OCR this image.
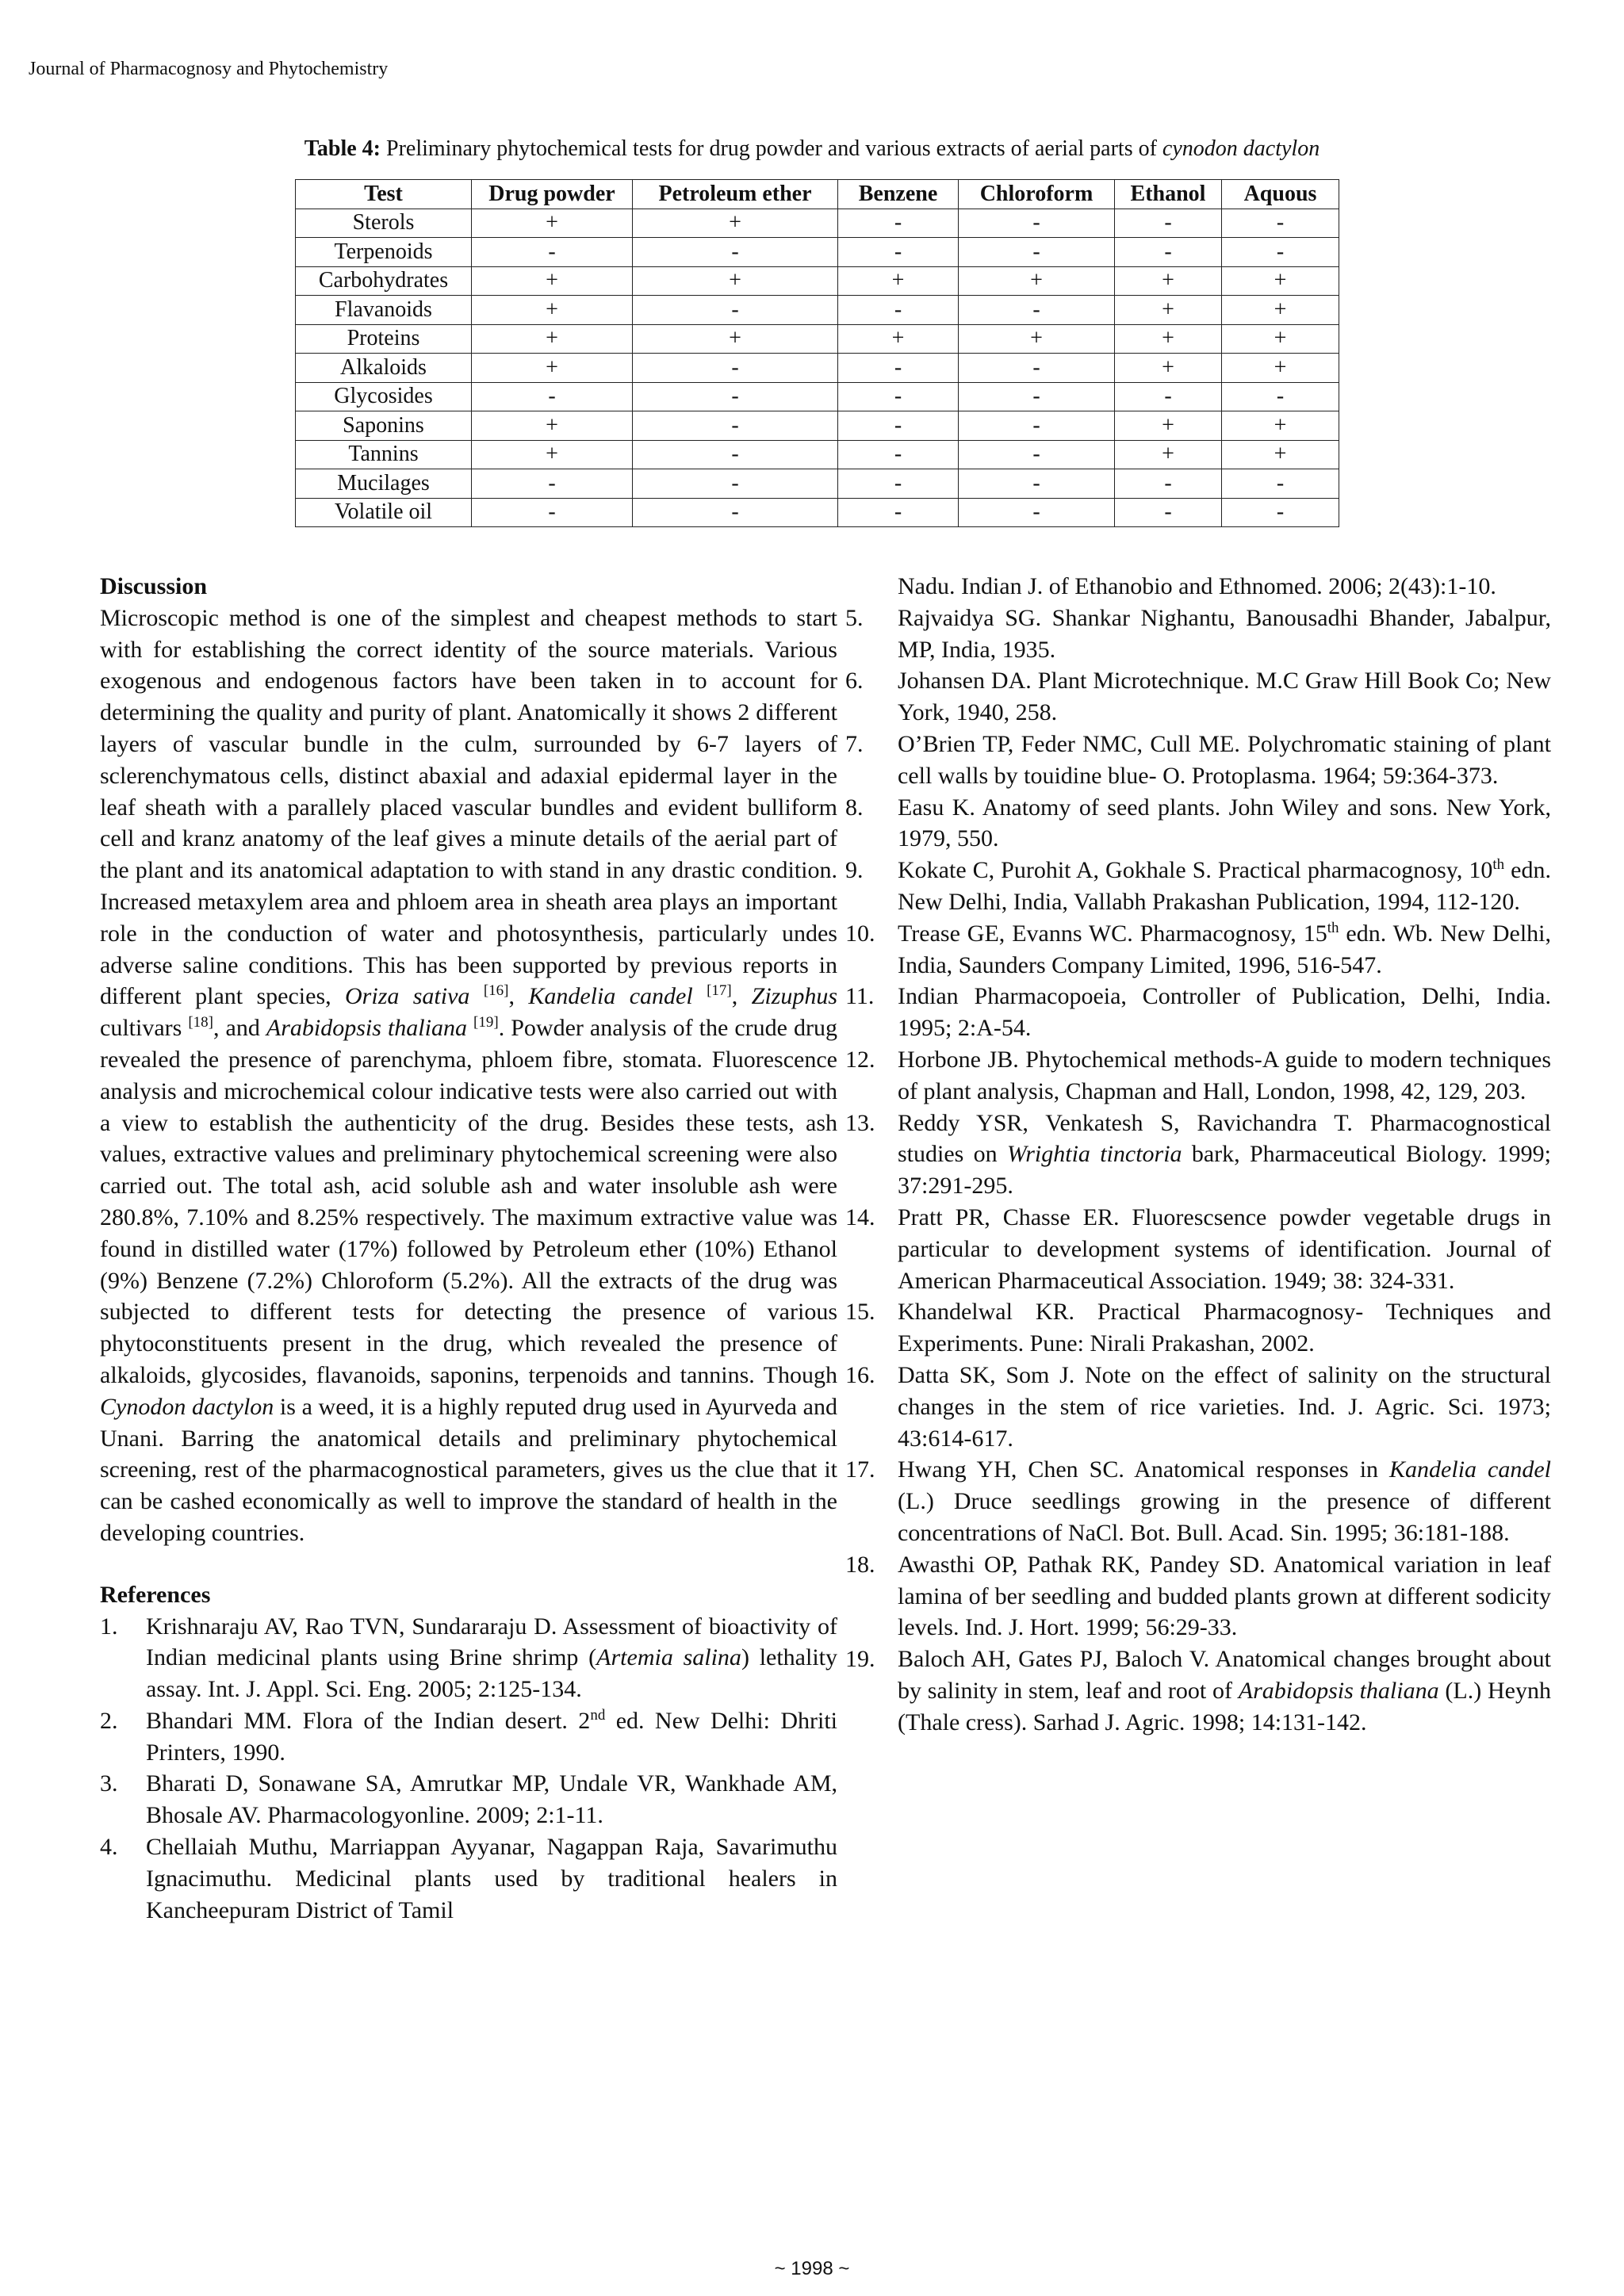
Journal of Pharmacognosy and Phytochemistry
Table 4: Preliminary phytochemical tests for drug powder and various extracts of aerial parts of cynodon dactylon
Test	Drug powder	Petroleum ether	Benzene	Chloroform	Ethanol	Aquous
Sterols	+	+	-	-	-	-
Terpenoids	-	-	-	-	-	-
Carbohydrates	+	+	+	+	+	+
Flavanoids	+	-	-	-	+	+
Proteins	+	+	+	+	+	+
Alkaloids	+	-	-	-	+	+
Glycosides	-	-	-	-	-	-
Saponins	+	-	-	-	+	+
Tannins	+	-	-	-	+	+
Mucilages	-	-	-	-	-	-
Volatile oil	-	-	-	-	-	-

Discussion

Microscopic method is one of the simplest and cheapest methods to start with for establishing the correct identity of the source materials. Various exogenous and endogenous factors have been taken in to account for determining the quality and purity of plant. Anatomically it shows 2 different layers of vascular bundle in the culm, surrounded by 6-7 layers of sclerenchymatous cells, distinct abaxial and adaxial epidermal layer in the leaf sheath with a parallely placed vascular bundles and evident bulliform cell and kranz anatomy of the leaf gives a minute details of the aerial part of the plant and its anatomical adaptation to with stand in any drastic condition. Increased metaxylem area and phloem area in sheath area plays an important role in the conduction of water and photosynthesis, particularly undes adverse saline conditions. This has been supported by previous reports in different plant species, Oriza sativa [16], Kandelia candel [17], Zizuphus cultivars [18], and Arabidopsis thaliana [19]. Powder analysis of the crude drug revealed the presence of parenchyma, phloem fibre, stomata. Fluorescence analysis and microchemical colour indicative tests were also carried out with a view to establish the authenticity of the drug. Besides these tests, ash values, extractive values and preliminary phytochemical screening were also carried out. The total ash, acid soluble ash and water insoluble ash were 280.8%, 7.10% and 8.25% respectively. The maximum extractive value was found in distilled water (17%) followed by Petroleum ether (10%) Ethanol (9%) Benzene (7.2%) Chloroform (5.2%). All the extracts of the drug was subjected to different tests for detecting the presence of various phytoconstituents present in the drug, which revealed the presence of alkaloids, glycosides, flavanoids, saponins, terpenoids and tannins. Though Cynodon dactylon is a weed, it is a highly reputed drug used in Ayurveda and Unani. Barring the anatomical details and preliminary phytochemical screening, rest of the pharmacognostical parameters, gives us the clue that it can be cashed economically as well to improve the standard of health in the developing countries.

References

1. Krishnaraju AV, Rao TVN, Sundararaju D. Assessment of bioactivity of Indian medicinal plants using Brine shrimp (Artemia salina) lethality assay. Int. J. Appl. Sci. Eng. 2005; 2:125-134.
2. Bhandari MM. Flora of the Indian desert. 2nd ed. New Delhi: Dhriti Printers, 1990.
3. Bharati D, Sonawane SA, Amrutkar MP, Undale VR, Wankhade AM, Bhosale AV. Pharmacologyonline. 2009; 2:1-11.
4. Chellaiah Muthu, Marriappan Ayyanar, Nagappan Raja, Savarimuthu Ignacimuthu. Medicinal plants used by traditional healers in Kancheepuram District of Tamil
Nadu. Indian J. of Ethanobio and Ethnomed. 2006; 2(43):1-10.
5. Rajvaidya SG. Shankar Nighantu, Banousadhi Bhander, Jabalpur, MP, India, 1935.
6. Johansen DA. Plant Microtechnique. M.C Graw Hill Book Co; New York, 1940, 258.
7. O’Brien TP, Feder NMC, Cull ME. Polychromatic staining of plant cell walls by touidine blue- O. Protoplasma. 1964; 59:364-373.
8. Easu K. Anatomy of seed plants. John Wiley and sons. New York, 1979, 550.
9. Kokate C, Purohit A, Gokhale S. Practical pharmacognosy, 10th edn. New Delhi, India, Vallabh Prakashan Publication, 1994, 112-120.
10. Trease GE, Evanns WC. Pharmacognosy, 15th edn. Wb. New Delhi, India, Saunders Company Limited, 1996, 516-547.
11. Indian Pharmacopoeia, Controller of Publication, Delhi, India. 1995; 2:A-54.
12. Horbone JB. Phytochemical methods-A guide to modern techniques of plant analysis, Chapman and Hall, London, 1998, 42, 129, 203.
13. Reddy YSR, Venkatesh S, Ravichandra T. Pharmacognostical studies on Wrightia tinctoria bark, Pharmaceutical Biology. 1999; 37:291-295.
14. Pratt PR, Chasse ER. Fluorescsence powder vegetable drugs in particular to development systems of identification. Journal of American Pharmaceutical Association. 1949; 38: 324-331.
15. Khandelwal KR. Practical Pharmacognosy- Techniques and Experiments. Pune: Nirali Prakashan, 2002.
16. Datta SK, Som J. Note on the effect of salinity on the structural changes in the stem of rice varieties. Ind. J. Agric. Sci. 1973; 43:614-617.
17. Hwang YH, Chen SC. Anatomical responses in Kandelia candel (L.) Druce seedlings growing in the presence of different concentrations of NaCl. Bot. Bull. Acad. Sin. 1995; 36:181-188.
18. Awasthi OP, Pathak RK, Pandey SD. Anatomical variation in leaf lamina of ber seedling and budded plants grown at different sodicity levels. Ind. J. Hort. 1999; 56:29-33.
19. Baloch AH, Gates PJ, Baloch V. Anatomical changes brought about by salinity in stem, leaf and root of Arabidopsis thaliana (L.) Heynh (Thale cress). Sarhad J. Agric. 1998; 14:131-142.
~ 1998 ~
